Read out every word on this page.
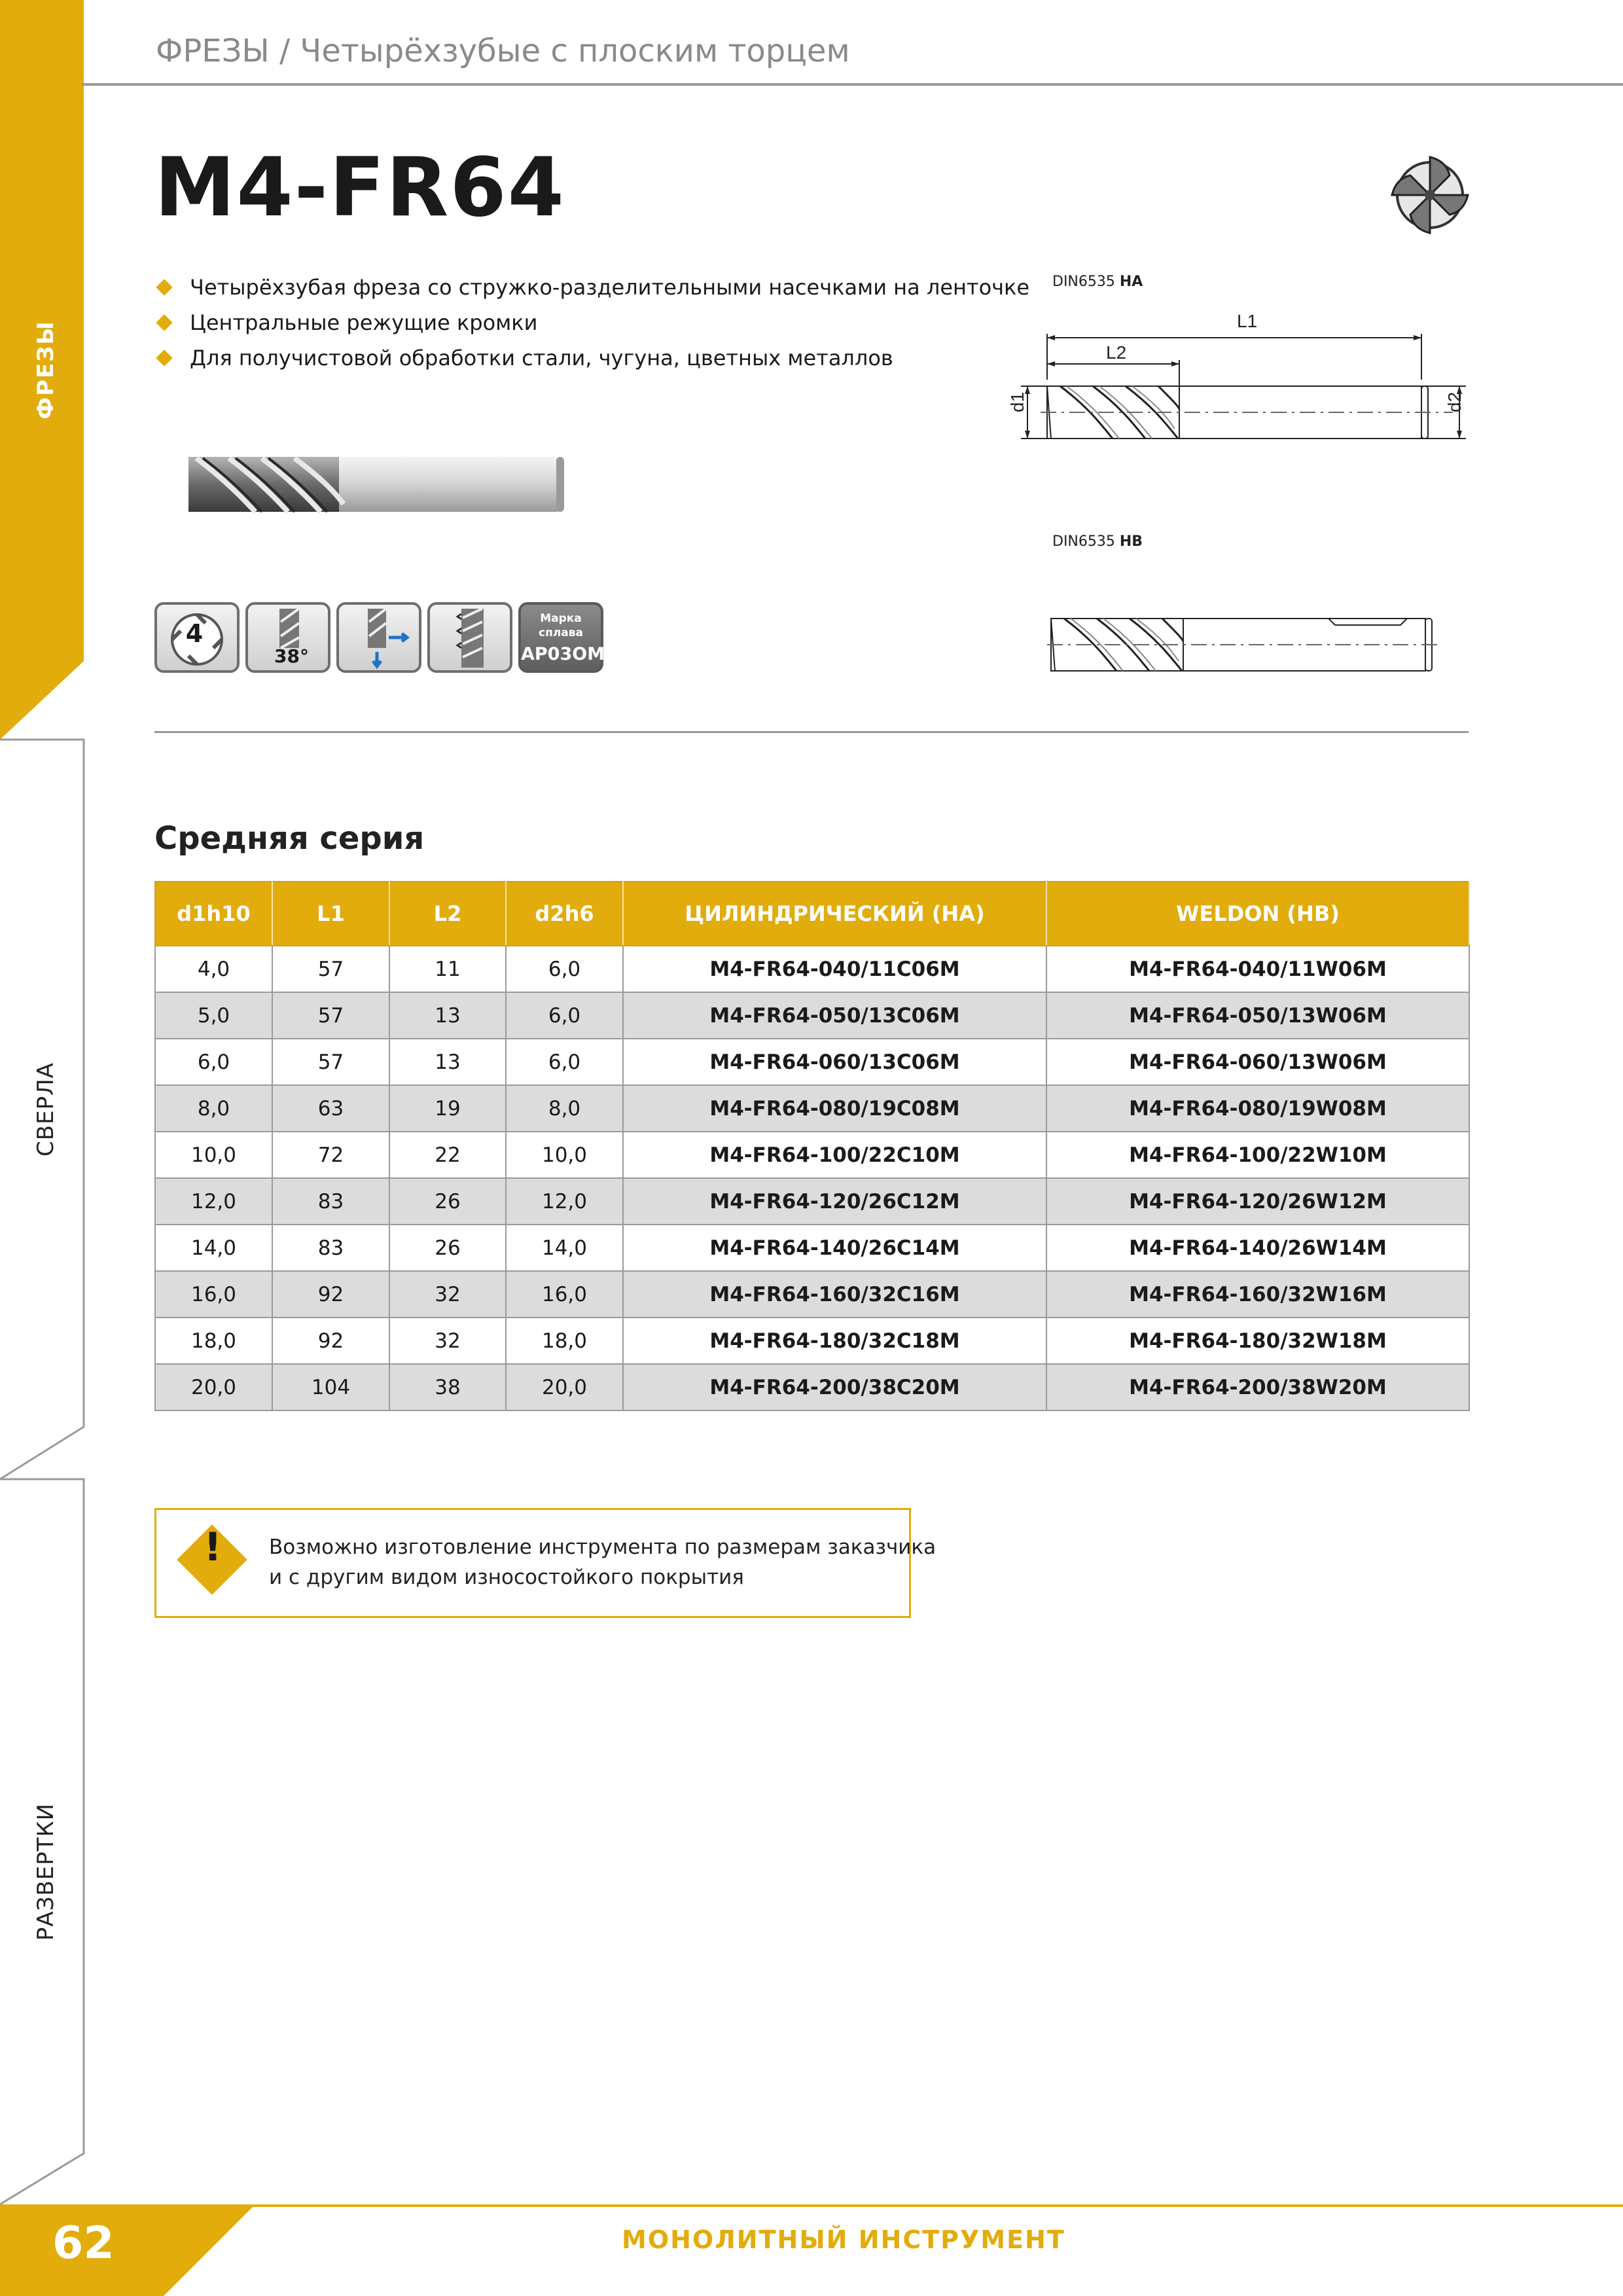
ФРЕЗЫ
СВЕРЛА
РАЗВЕРТКИ
ФРЕЗЫ / Четырёхзубые с плоским торцем
M4-FR64
Четырёхзубая фреза со стружко-разделительными насечками на ленточке
Центральные режущие кромки
Для получистовой обработки стали, чугуна, цветных металлов
4
38°
Марка
сплава
AP03OM
DIN6535 HA
L1
L2
d1	d2
DIN6535 HB
Средняя серия
d1h10	L1	L2	d2h6	ЦИЛИНДРИЧЕСКИЙ (HA)	WELDON (HB)
4,0	57	11	6,0	M4-FR64-040/11C06M	M4-FR64-040/11W06M
5,0	57	13	6,0	M4-FR64-050/13C06M	M4-FR64-050/13W06M
6,0	57	13	6,0	M4-FR64-060/13C06M	M4-FR64-060/13W06M
8,0	63	19	8,0	M4-FR64-080/19C08M	M4-FR64-080/19W08M
10,0	72	22	10,0	M4-FR64-100/22C10M	M4-FR64-100/22W10M
12,0	83	26	12,0	M4-FR64-120/26C12M	M4-FR64-120/26W12M
14,0	83	26	14,0	M4-FR64-140/26C14M	M4-FR64-140/26W14M
16,0	92	32	16,0	M4-FR64-160/32C16M	M4-FR64-160/32W16M
18,0	92	32	18,0	M4-FR64-180/32C18M	M4-FR64-180/32W18M
20,0	104	38	20,0	M4-FR64-200/38C20M	M4-FR64-200/38W20M
!	Возможно изготовление инструмента по размерам заказчика
и с другим видом износостойкого покрытия
62	МОНОЛИТНЫЙ ИНСТРУМЕНТ
